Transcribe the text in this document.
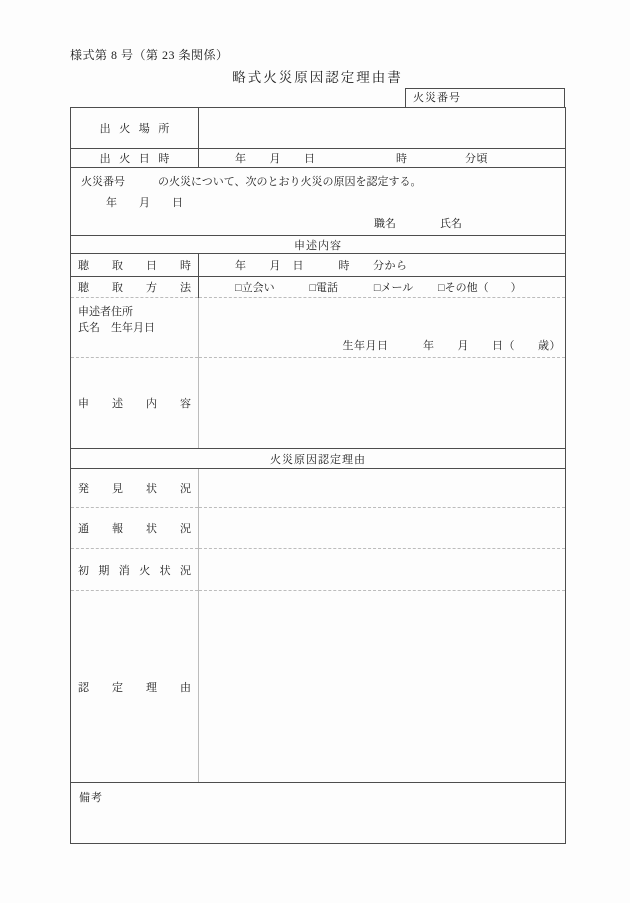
様式第 8 号（第 23 条関係）
略式火災原因認定理由書
火災番号
出火場所	
出火日時	年　　月　　日　　　　　　　時　　　　　分頃

火災番号　　　の火災について、次のとおり火災の原因を認定する。
年　　月　　日
職名　　　　氏名	

申述内容	
聴取日時	年　　月　日　　　時　　分から
聴取方法	□立会い □電話 □メール □その他（　　）

申述者住所
氏名　生年月日	生年月日　　　年　　月　　日（　　歳）
申述内容	
火災原因認定理由	
発見状況	
通報状況	
初期消火状況	
認定理由	
備考	
